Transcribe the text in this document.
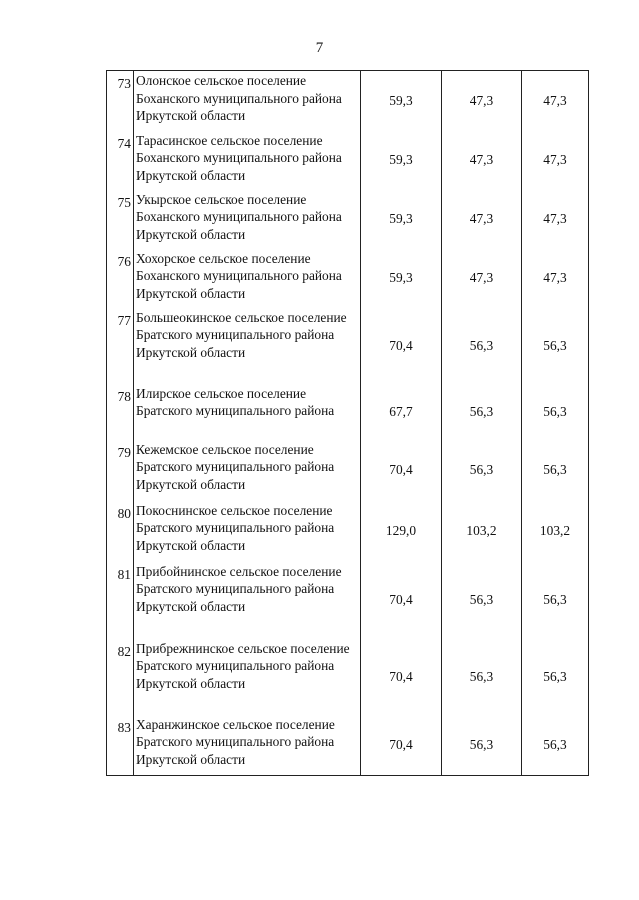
7
73	Олонское сельское поселение Боханского муниципального района Иркутской области	59,3	47,3	47,3
74	Тарасинское сельское поселение Боханского муниципального района Иркутской области	59,3	47,3	47,3
75	Укырское сельское поселение Боханского муниципального района Иркутской области	59,3	47,3	47,3
76	Хохорское сельское поселение Боханского муниципального района Иркутской области	59,3	47,3	47,3
77	Большеокинское сельское поселение Братского муниципального района Иркутской области	70,4	56,3	56,3
78	Илирское сельское поселение Братского муниципального района	67,7	56,3	56,3
79	Кежемское сельское поселение Братского муниципального района Иркутской области	70,4	56,3	56,3
80	Покоснинское сельское поселение Братского муниципального района Иркутской области	129,0	103,2	103,2
81	Прибойнинское сельское поселение Братского муниципального района Иркутской области	70,4	56,3	56,3
82	Прибрежнинское сельское поселение Братского муниципального района Иркутской области	70,4	56,3	56,3
83	Харанжинское сельское поселение Братского муниципального района Иркутской области	70,4	56,3	56,3
